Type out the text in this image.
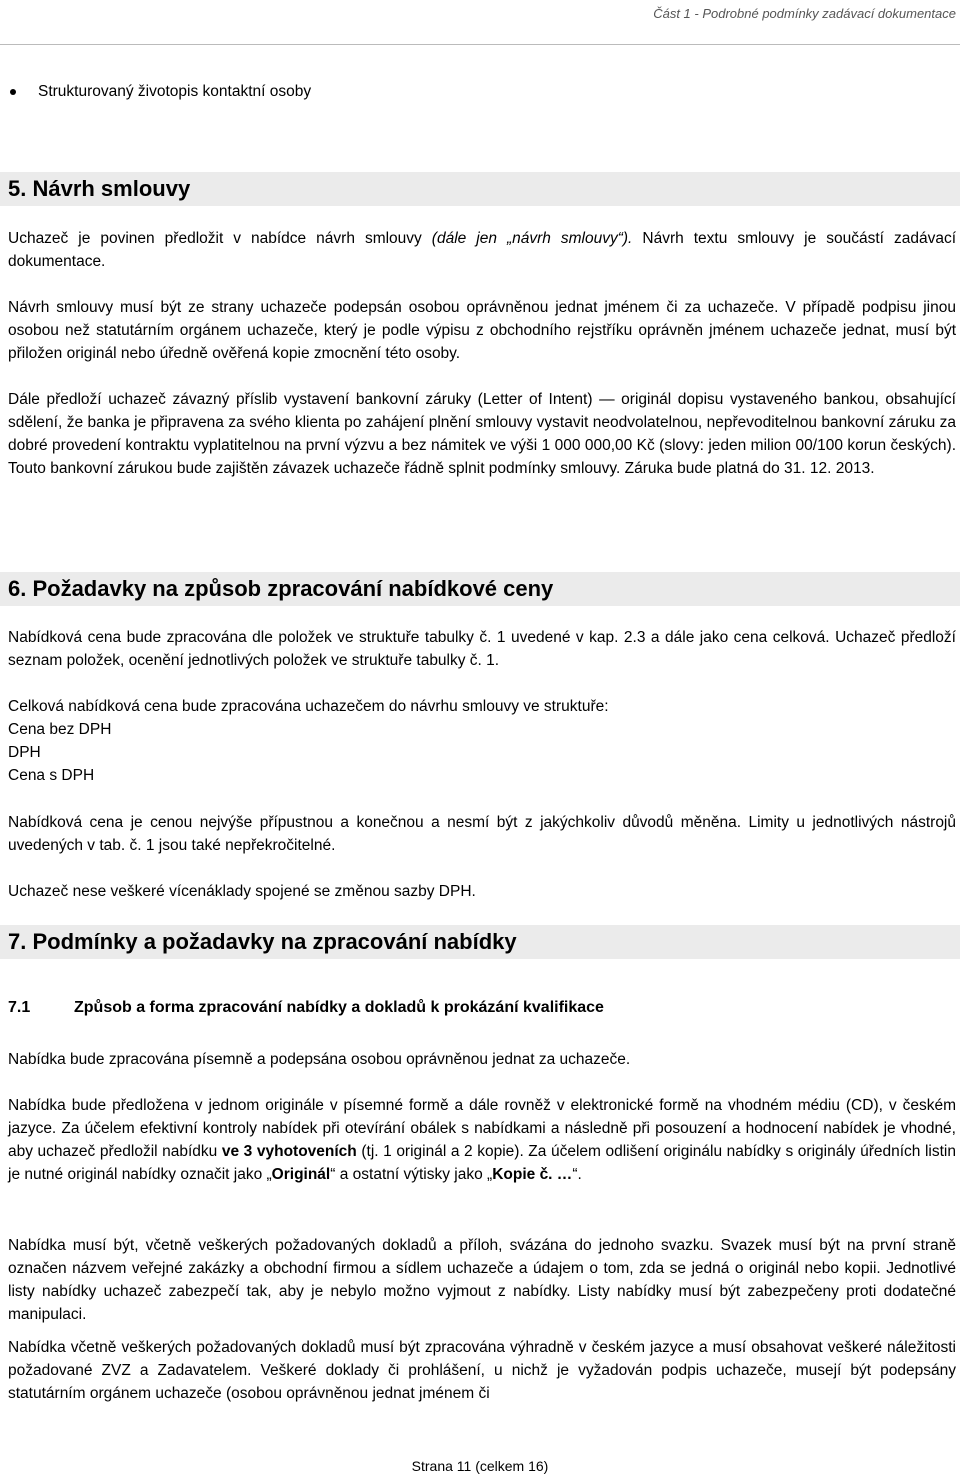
Část 1 - Podrobné podmínky zadávací dokumentace
Strukturovaný životopis kontaktní osoby
5. Návrh smlouvy

Uchazeč je povinen předložit v nabídce návrh smlouvy (dále jen „návrh smlouvy“). Návrh textu smlouvy je součástí zadávací dokumentace.

Návrh smlouvy musí být ze strany uchazeče podepsán osobou oprávněnou jednat jménem či za uchazeče. V případě podpisu jinou osobou než statutárním orgánem uchazeče, který je podle výpisu z obchodního rejstříku oprávněn jménem uchazeče jednat, musí být přiložen originál nebo úředně ověřená kopie zmocnění této osoby.

Dále předloží uchazeč závazný příslib vystavení bankovní záruky (Letter of Intent) — originál dopisu vystaveného bankou, obsahující sdělení, že banka je připravena za svého klienta po zahájení plnění smlouvy vystavit neodvolatelnou, nepřevoditelnou bankovní záruku za dobré provedení kontraktu vyplatitelnou na první výzvu a bez námitek ve výši 1 000 000,00 Kč (slovy: jeden milion 00/100 korun českých). Touto bankovní zárukou bude zajištěn závazek uchazeče řádně splnit podmínky smlouvy. Záruka bude platná do 31. 12. 2013.

6. Požadavky na způsob zpracování nabídkové ceny

Nabídková cena bude zpracována dle položek ve struktuře tabulky č. 1 uvedené v kap. 2.3 a dále jako cena celková. Uchazeč předloží seznam položek, ocenění jednotlivých položek ve struktuře tabulky č. 1.

Celková nabídková cena bude zpracována uchazečem do návrhu smlouvy ve struktuře:
Cena bez DPH
DPH
Cena s DPH

Nabídková cena je cenou nejvýše přípustnou a konečnou a nesmí být z jakýchkoliv důvodů měněna. Limity u jednotlivých nástrojů uvedených v tab. č. 1 jsou také nepřekročitelné.

Uchazeč nese veškeré vícenáklady spojené se změnou sazby DPH.

7. Podmínky a požadavky na zpracování nabídky
7.1	Způsob a forma zpracování nabídky a dokladů k prokázání kvalifikace

Nabídka bude zpracována písemně a podepsána osobou oprávněnou jednat za uchazeče.

Nabídka bude předložena v jednom originále v písemné formě a dále rovněž v elektronické formě na vhodném médiu (CD), v českém jazyce. Za účelem efektivní kontroly nabídek při otevírání obálek s nabídkami a následně při posouzení a hodnocení nabídek je vhodné, aby uchazeč předložil nabídku ve 3 vyhotoveních (tj. 1 originál a 2 kopie). Za účelem odlišení originálu nabídky s originály úředních listin je nutné originál nabídky označit jako „Originál“ a ostatní výtisky jako „Kopie č. …“.

Nabídka musí být, včetně veškerých požadovaných dokladů a příloh, svázána do jednoho svazku. Svazek musí být na první straně označen názvem veřejné zakázky a obchodní firmou a sídlem uchazeče a údajem o tom, zda se jedná o originál nebo kopii. Jednotlivé listy nabídky uchazeč zabezpečí tak, aby je nebylo možno vyjmout z nabídky. Listy nabídky musí být zabezpečeny proti dodatečné manipulaci.

Nabídka včetně veškerých požadovaných dokladů musí být zpracována výhradně v českém jazyce a musí obsahovat veškeré náležitosti požadované ZVZ a Zadavatelem. Veškeré doklady či prohlášení, u nichž je vyžadován podpis uchazeče, musejí být podepsány statutárním orgánem uchazeče (osobou oprávněnou jednat jménem či

Strana 11 (celkem 16)
